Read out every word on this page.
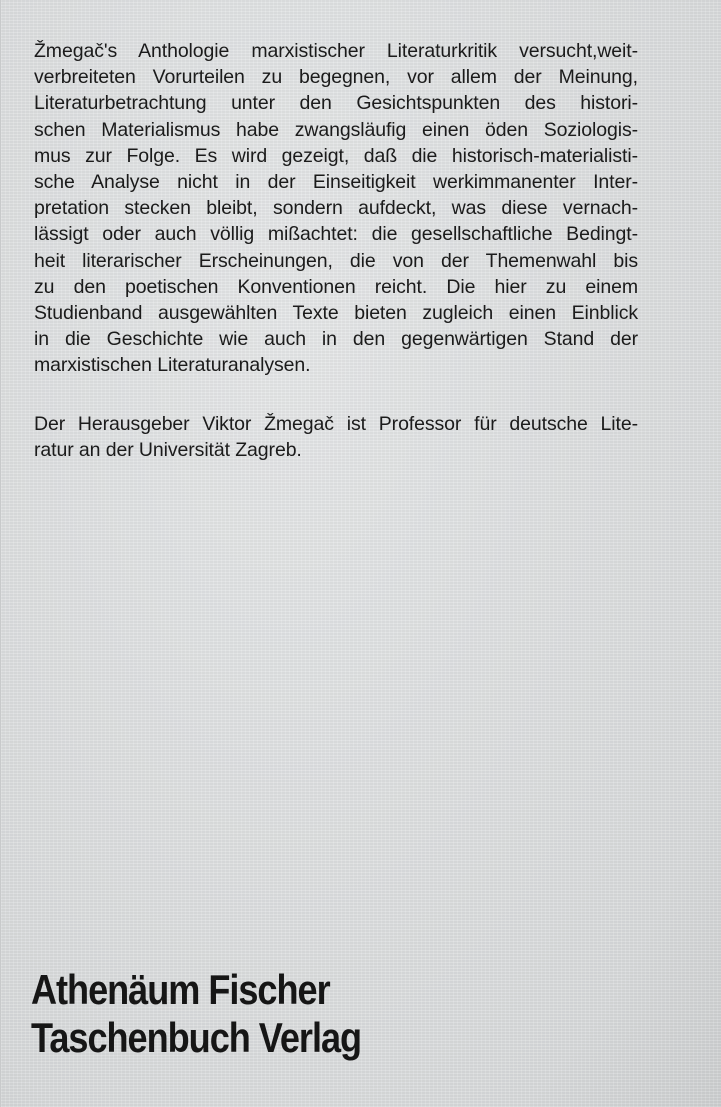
Žmegač's Anthologie marxistischer Literaturkritik versucht,weit-
verbreiteten Vorurteilen zu begegnen, vor allem der Meinung,
Literaturbetrachtung unter den Gesichtspunkten des histori-
schen Materialismus habe zwangsläufig einen öden Soziologis-
mus zur Folge. Es wird gezeigt, daß die historisch-materialisti-
sche Analyse nicht in der Einseitigkeit werkimmanenter Inter-
pretation stecken bleibt, sondern aufdeckt, was diese vernach-
lässigt oder auch völlig mißachtet: die gesellschaftliche Bedingt-
heit literarischer Erscheinungen, die von der Themenwahl bis
zu den poetischen Konventionen reicht. Die hier zu einem
Studienband ausgewählten Texte bieten zugleich einen Einblick
in die Geschichte wie auch in den gegenwärtigen Stand der
marxistischen Literaturanalysen.
Der Herausgeber Viktor Žmegač ist Professor für deutsche Lite-
ratur an der Universität Zagreb.
Athenäum Fischer
Taschenbuch Verlag
